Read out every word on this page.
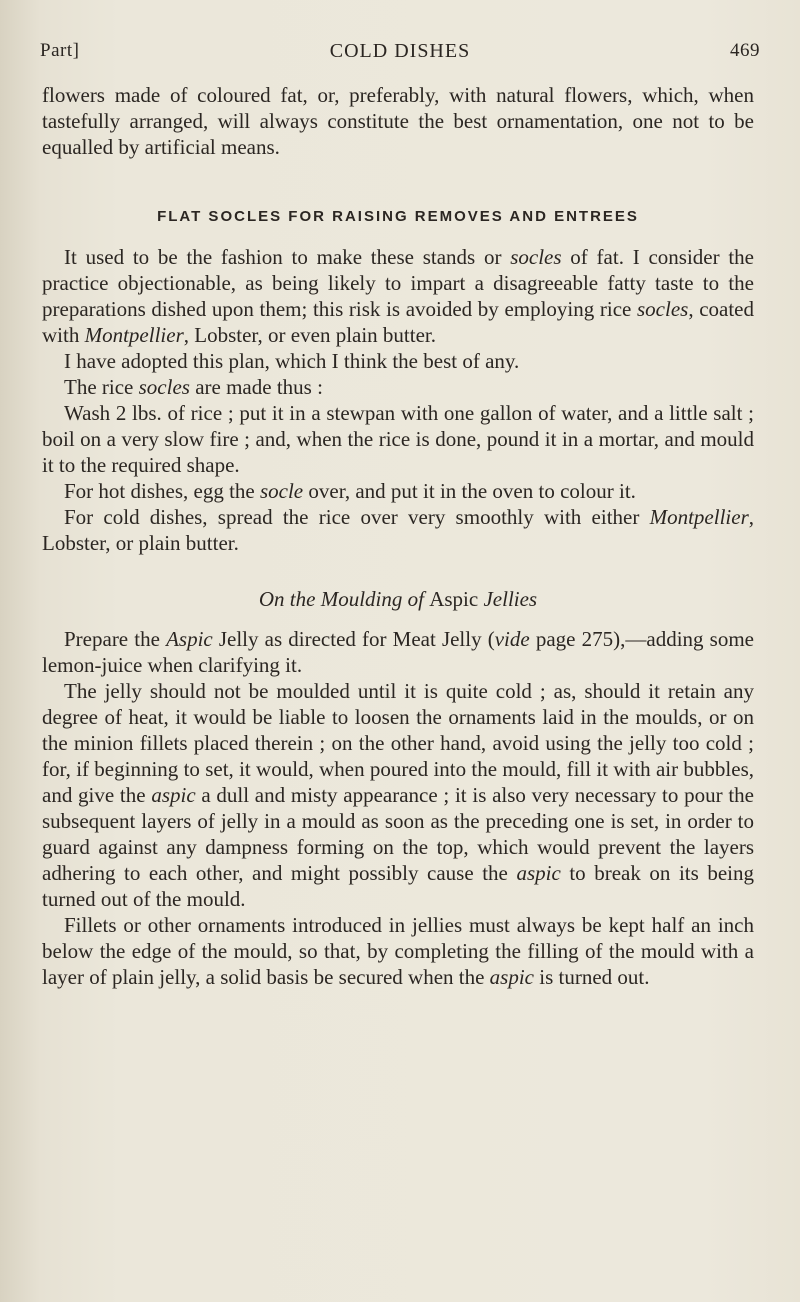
Part]	COLD DISHES	469

flowers made of coloured fat, or, preferably, with natural flowers, which, when tastefully arranged, will always constitute the best ornamentation, one not to be equalled by artificial means.

FLAT SOCLES FOR RAISING REMOVES AND ENTREES

It used to be the fashion to make these stands or socles of fat. I consider the practice objectionable, as being likely to impart a disagreeable fatty taste to the preparations dished upon them; this risk is avoided by employing rice socles, coated with Montpellier, Lobster, or even plain butter.

I have adopted this plan, which I think the best of any.

The rice socles are made thus :

Wash 2 lbs. of rice ; put it in a stewpan with one gallon of water, and a little salt ; boil on a very slow fire ; and, when the rice is done, pound it in a mortar, and mould it to the required shape.

For hot dishes, egg the socle over, and put it in the oven to colour it.

For cold dishes, spread the rice over very smoothly with either Montpellier, Lobster, or plain butter.

On the Moulding of Aspic Jellies

Prepare the Aspic Jelly as directed for Meat Jelly (vide page 275),—adding some lemon-juice when clarifying it.

The jelly should not be moulded until it is quite cold ; as, should it retain any degree of heat, it would be liable to loosen the ornaments laid in the moulds, or on the minion fillets placed therein ; on the other hand, avoid using the jelly too cold ; for, if beginning to set, it would, when poured into the mould, fill it with air bubbles, and give the aspic a dull and misty appearance ; it is also very necessary to pour the subsequent layers of jelly in a mould as soon as the preceding one is set, in order to guard against any dampness forming on the top, which would prevent the layers adhering to each other, and might possibly cause the aspic to break on its being turned out of the mould.

Fillets or other ornaments introduced in jellies must always be kept half an inch below the edge of the mould, so that, by completing the filling of the mould with a layer of plain jelly, a solid basis be secured when the aspic is turned out.
